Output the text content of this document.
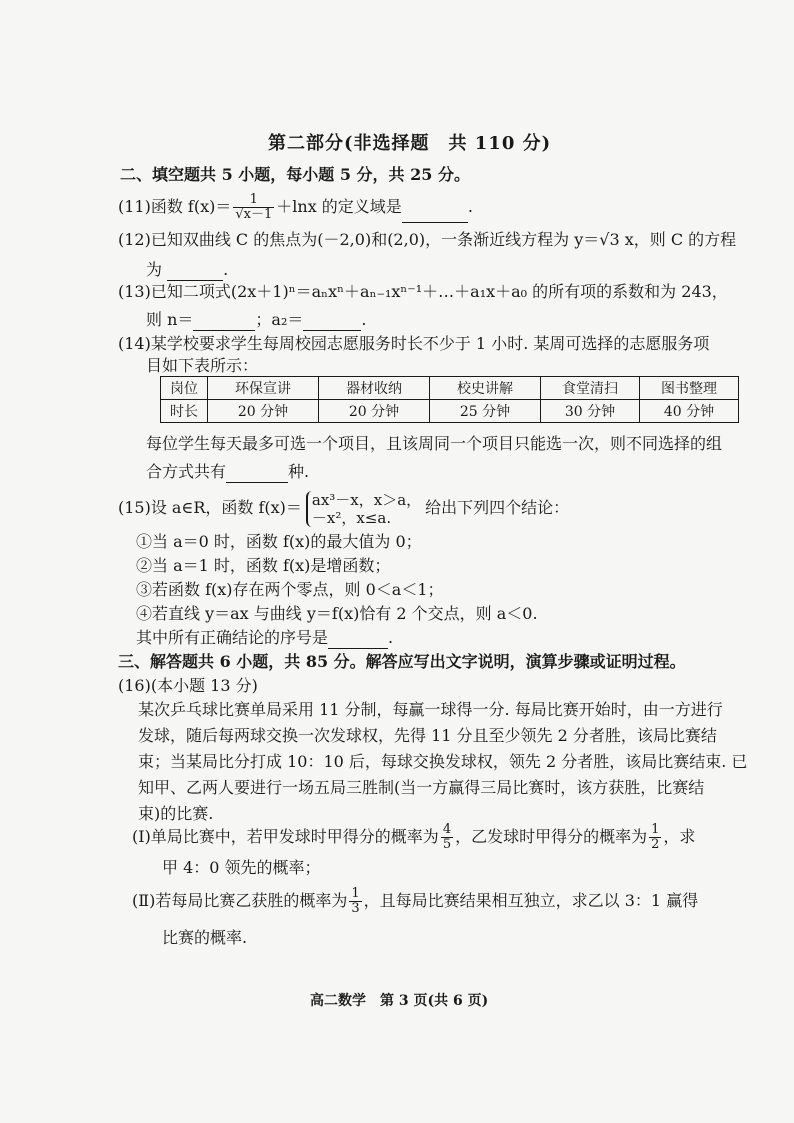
第二部分(非选择题　共 110 分)
二、填空题共 5 小题，每小题 5 分，共 25 分。
(11)函数 $f(x)= \frac{1}{√x-1} +\ln x$ 的定义域是	.
(12)已知双曲线 C 的焦点为(－2,0)和(2,0)，一条渐近线方程为 y＝√3 x，则 C 的方程
为	.
(13)已知二项式(2x＋1)ⁿ＝aₙxⁿ＋aₙ₋₁xⁿ⁻¹＋…＋a₁x＋a₀ 的所有项的系数和为 243，
则 n＝	；a₂＝	.
(14)某学校要求学生每周校园志愿服务时长不少于 1 小时. 某周可选择的志愿服务项
目如下表所示：
岗位	环保宣讲	器材收纳	校史讲解	食堂清扫	图书整理
时长	20 分钟	20 分钟	25 分钟	30 分钟	40 分钟
每位学生每天最多可选一个项目，且该周同一个项目只能选一次，则不同选择的组
合方式共有	种.
(15)设 a∈R，函数 f(x)＝ ax³－x，x＞a，
－x²，x≤a.
给出下列四个结论：
①当 a＝0 时，函数 f(x)的最大值为 0；
②当 a＝1 时，函数 f(x)是增函数；
③若函数 f(x)存在两个零点，则 0＜a＜1；
④若直线 y＝ax 与曲线 y＝f(x)恰有 2 个交点，则 a＜0.
其中所有正确结论的序号是	.
三、解答题共 6 小题，共 85 分。解答应写出文字说明，演算步骤或证明过程。
(16)(本小题 13 分)
某次乒乓球比赛单局采用 11 分制，每赢一球得一分. 每局比赛开始时，由一方进行
发球，随后每两球交换一次发球权，先得 11 分且至少领先 2 分者胜，该局比赛结
束；当某局比分打成 10：10 后，每球交换发球权，领先 2 分者胜，该局比赛结束. 已
知甲、乙两人要进行一场五局三胜制(当一方赢得三局比赛时，该方获胜，比赛结
束)的比赛.
(Ⅰ)单局比赛中，若甲发球时甲得分的概率为 $\frac{4}{5}$ ，乙发球时甲得分的概率为 $\frac{1}{2}$ ，求
甲 4：0 领先的概率；
(Ⅱ)若每局比赛乙获胜的概率为 $\frac{1}{3}$ ，且每局比赛结果相互独立，求乙以 3：1 赢得
比赛的概率.
高二数学　第 3 页(共 6 页)
